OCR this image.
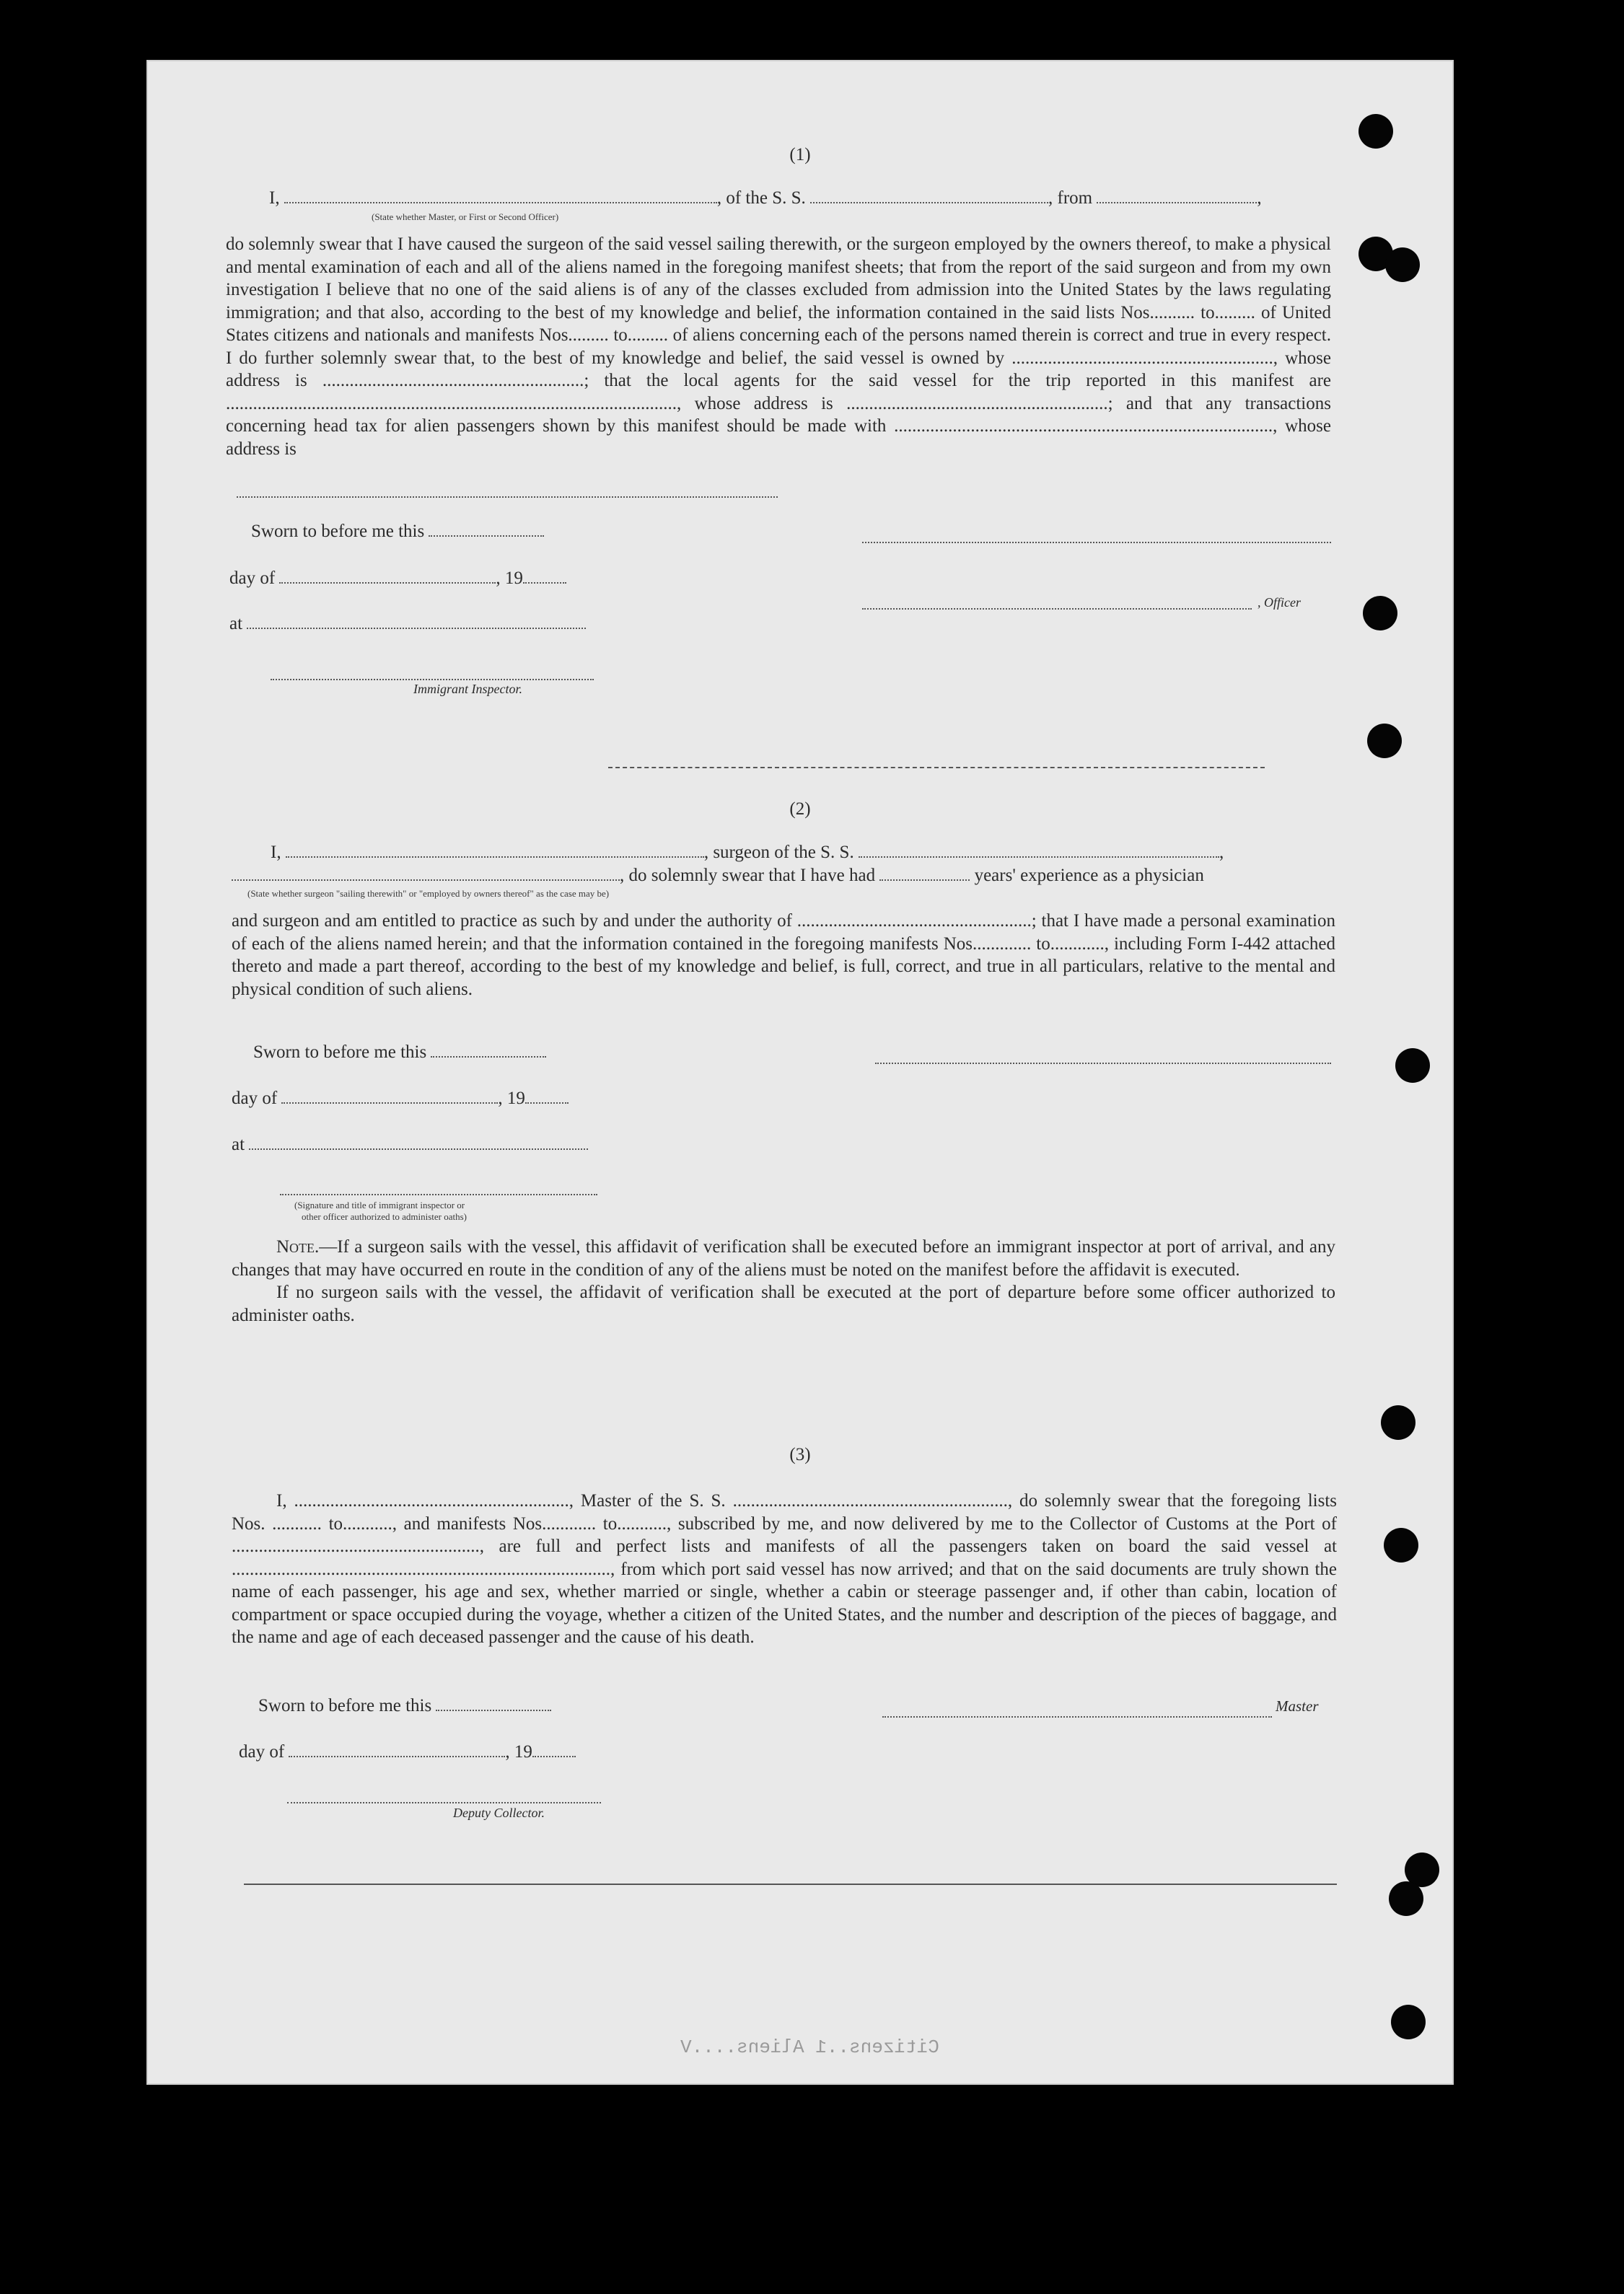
(1)
I,	, of the S. S.	, from	,
(State whether Master, or First or Second Officer)

do solemnly swear that I have caused the surgeon of the said vessel sailing therewith, or the surgeon employed by the owners thereof, to make a physical and mental examination of each and all of the aliens named in the foregoing manifest sheets; that from the report of the said surgeon and from my own investigation I believe that no one of the said aliens is of any of the classes excluded from admission into the United States by the laws regulating immigration; and that also, according to the best of my knowledge and belief, the information contained in the said lists Nos.......... to......... of United States citizens and nationals and manifests Nos......... to......... of aliens concerning each of the persons named therein is correct and true in every respect. I do further solemnly swear that, to the best of my knowledge and belief, the said vessel is owned by .........................................................., whose address is ..........................................................; that the local agents for the said vessel for the trip reported in this manifest are ...................................................................................................., whose address is ..........................................................; and that any transactions concerning head tax for alien passengers shown by this manifest should be made with ...................................................................................., whose address is

Sworn to before me this
day of	, 19
, Officer
at
Immigrant Inspector.
(2)
I,	, surgeon of the S. S.	,
, do solemnly swear that I have had	years' experience as a physician
(State whether surgeon "sailing therewith" or "employed by owners thereof" as the case may be)

and surgeon and am entitled to practice as such by and under the authority of ....................................................; that I have made a personal examination of each of the aliens named herein; and that the information contained in the foregoing manifests Nos............. to............, including Form I-442 attached thereto and made a part thereof, according to the best of my knowledge and belief, is full, correct, and true in all particulars, relative to the mental and physical condition of such aliens.

Sworn to before me this
day of	, 19
at
(Signature and title of immigrant inspector or
other officer authorized to administer oaths)

Note.—If a surgeon sails with the vessel, this affidavit of verification shall be executed before an immigrant inspector at port of arrival, and any changes that may have occurred en route in the condition of any of the aliens must be noted on the manifest before the affidavit is executed.

If no surgeon sails with the vessel, the affidavit of verification shall be executed at the port of departure before some officer authorized to administer oaths.

(3)

I, ............................................................., Master of the S. S. ............................................................., do solemnly swear that the foregoing lists Nos. ........... to..........., and manifests Nos............ to..........., subscribed by me, and now delivered by me to the Collector of Customs at the Port of ......................................................., are full and perfect lists and manifests of all the passengers taken on board the said vessel at ...................................................................................., from which port said vessel has now arrived; and that on the said documents are truly shown the name of each passenger, his age and sex, whether married or single, whether a cabin or steerage passenger and, if other than cabin, location of compartment or space occupied during the voyage, whether a citizen of the United States, and the number and description of the pieces of baggage, and the name and age of each deceased passenger and the cause of his death.

Sworn to before me this	Master
day of	, 19
Deputy Collector.
Citizens..1 Aliens....V
